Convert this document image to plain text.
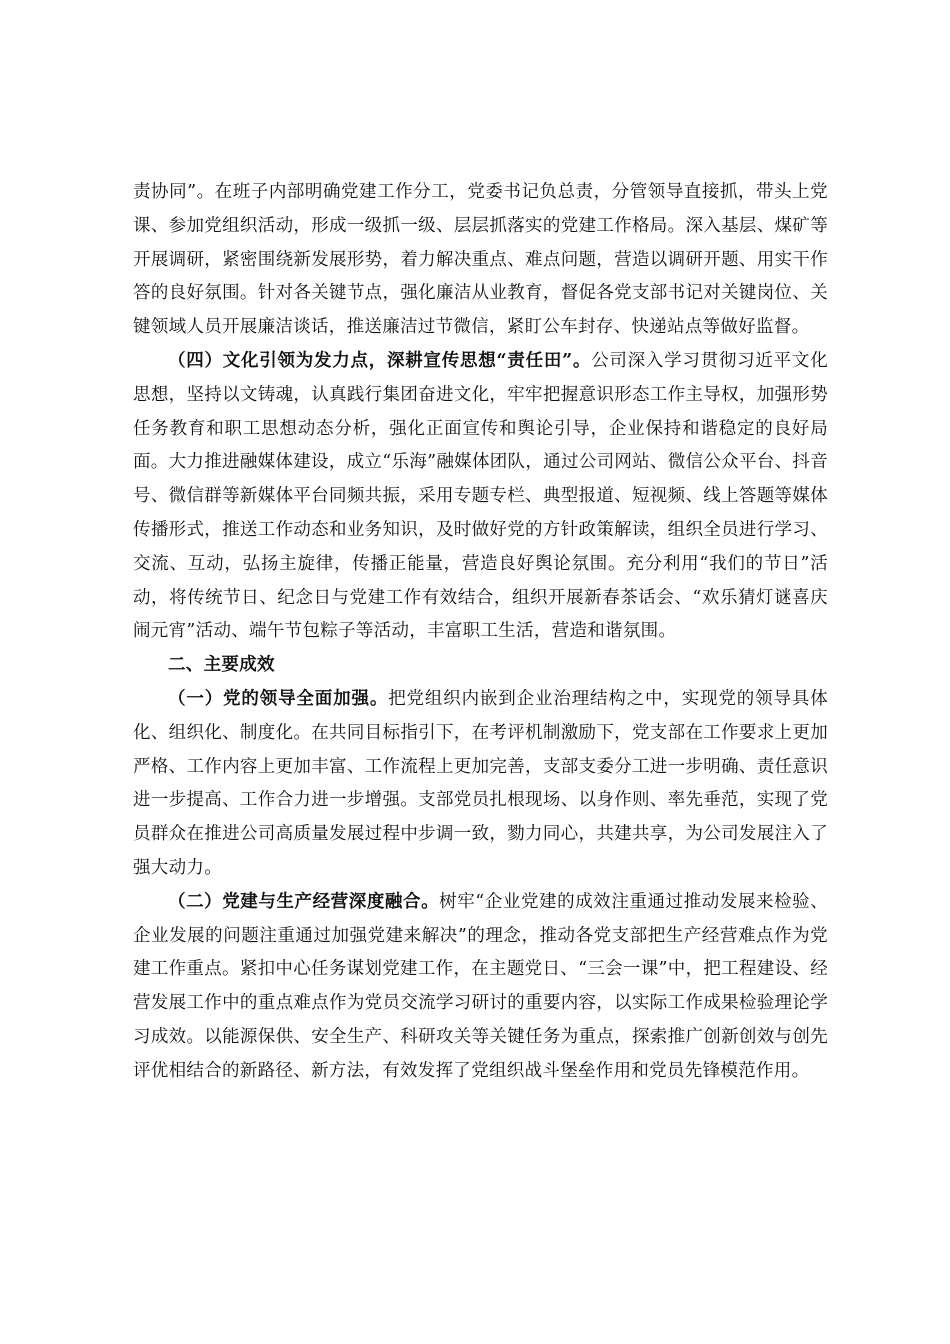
责协同”。在班子内部明确党建工作分工，党委书记负总责，分管领导直接抓，带头上党课、参加党组织活动，形成一级抓一级、层层抓落实的党建工作格局。深入基层、煤矿等开展调研，紧密围绕新发展形势，着力解决重点、难点问题，营造以调研开题、用实干作答的良好氛围。针对各关键节点，强化廉洁从业教育，督促各党支部书记对关键岗位、关键领域人员开展廉洁谈话，推送廉洁过节微信，紧盯公车封存、快递站点等做好监督。

（四）文化引领为发力点，深耕宣传思想“责任田”。公司深入学习贯彻习近平文化思想，坚持以文铸魂，认真践行集团奋进文化，牢牢把握意识形态工作主导权，加强形势任务教育和职工思想动态分析，强化正面宣传和舆论引导，企业保持和谐稳定的良好局面。大力推进融媒体建设，成立“乐海”融媒体团队，通过公司网站、微信公众平台、抖音号、微信群等新媒体平台同频共振，采用专题专栏、典型报道、短视频、线上答题等媒体传播形式，推送工作动态和业务知识，及时做好党的方针政策解读，组织全员进行学习、交流、互动，弘扬主旋律，传播正能量，营造良好舆论氛围。充分利用“我们的节日”活动，将传统节日、纪念日与党建工作有效结合，组织开展新春茶话会、“欢乐猜灯谜喜庆闹元宵”活动、端午节包粽子等活动，丰富职工生活，营造和谐氛围。

二、主要成效

（一）党的领导全面加强。把党组织内嵌到企业治理结构之中，实现党的领导具体化、组织化、制度化。在共同目标指引下，在考评机制激励下，党支部在工作要求上更加严格、工作内容上更加丰富、工作流程上更加完善，支部支委分工进一步明确、责任意识进一步提高、工作合力进一步增强。支部党员扎根现场、以身作则、率先垂范，实现了党员群众在推进公司高质量发展过程中步调一致，勠力同心，共建共享，为公司发展注入了强大动力。

（二）党建与生产经营深度融合。树牢“企业党建的成效注重通过推动发展来检验、企业发展的问题注重通过加强党建来解决”的理念，推动各党支部把生产经营难点作为党建工作重点。紧扣中心任务谋划党建工作，在主题党日、“三会一课”中，把工程建设、经营发展工作中的重点难点作为党员交流学习研讨的重要内容，以实际工作成果检验理论学习成效。以能源保供、安全生产、科研攻关等关键任务为重点，探索推广创新创效与创先评优相结合的新路径、新方法，有效发挥了党组织战斗堡垒作用和党员先锋模范作用。
